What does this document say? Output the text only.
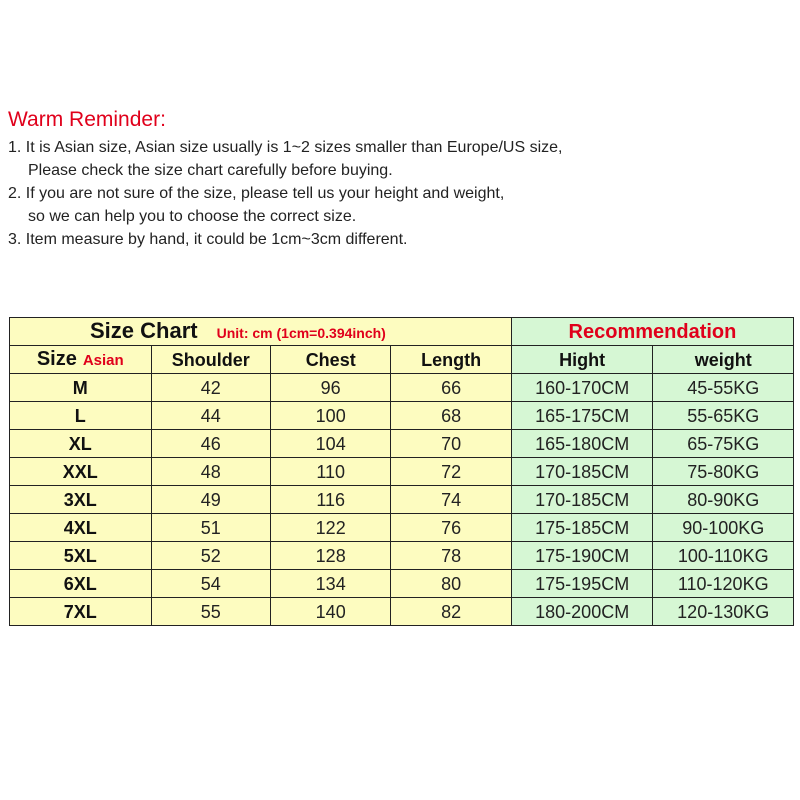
Warm Reminder:
1. It is Asian size, Asian size usually is 1~2 sizes smaller than Europe/US size,
Please check the size chart carefully before buying.
2. If you are not sure of the size, please tell us your height and weight,
so we can help you to choose the correct size.
3. Item measure by hand, it could be 1cm~3cm different.
Size Chart Unit: cm (1cm=0.394inch)				Recommendation	
Size Asian	Shoulder	Chest	Length	Hight	weight
M	42	96	66	160-170CM	45-55KG
L	44	100	68	165-175CM	55-65KG
XL	46	104	70	165-180CM	65-75KG
XXL	48	110	72	170-185CM	75-80KG
3XL	49	116	74	170-185CM	80-90KG
4XL	51	122	76	175-185CM	90-100KG
5XL	52	128	78	175-190CM	100-110KG
6XL	54	134	80	175-195CM	110-120KG
7XL	55	140	82	180-200CM	120-130KG
